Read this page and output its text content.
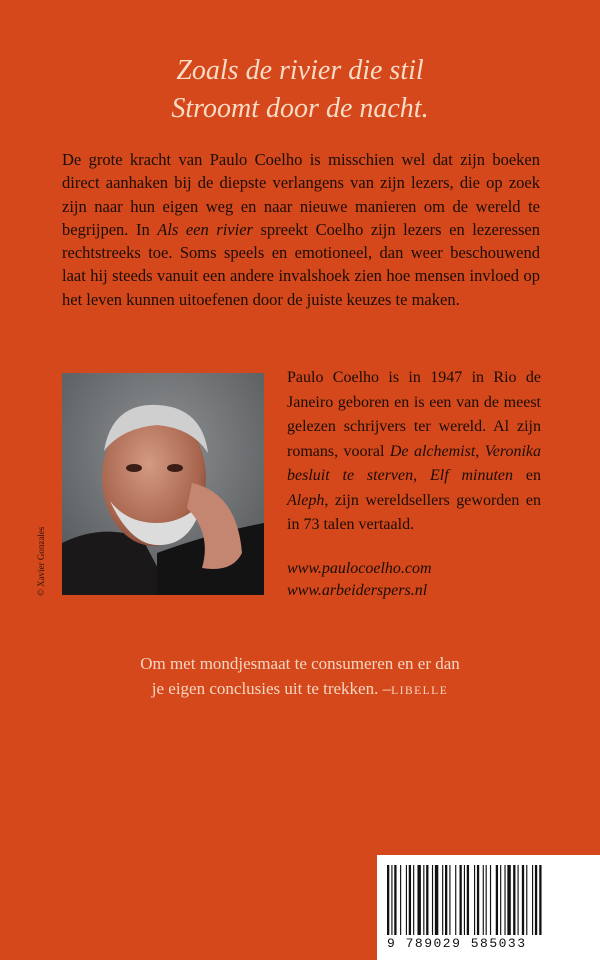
Zoals de rivier die stil
Stroomt door de nacht.
De grote kracht van Paulo Coelho is misschien wel dat zijn boeken direct aanhaken bij de diepste verlangens van zijn lezers, die op zoek zijn naar hun eigen weg en naar nieuwe manieren om de wereld te begrijpen. In Als een rivier spreekt Coelho zijn lezers en lezeressen rechtstreeks toe. Soms speels en emotioneel, dan weer beschouwend laat hij steeds vanuit een andere invalshoek zien hoe mensen invloed op het leven kunnen uitoefenen door de juiste keuzes te maken.
© Xavier Gonzales
Paulo Coelho is in 1947 in Rio de Janeiro geboren en is een van de meest gelezen schrijvers ter wereld. Al zijn romans, vooral De alchemist, Veronika besluit te sterven, Elf minuten en Aleph, zijn wereldsellers geworden en in 73 talen vertaald.
www.paulocoelho.com
www.arbeiderspers.nl
Om met mondjesmaat te consumeren en er dan je eigen conclusies uit te trekken. –LIBELLE
9 789029 585033
